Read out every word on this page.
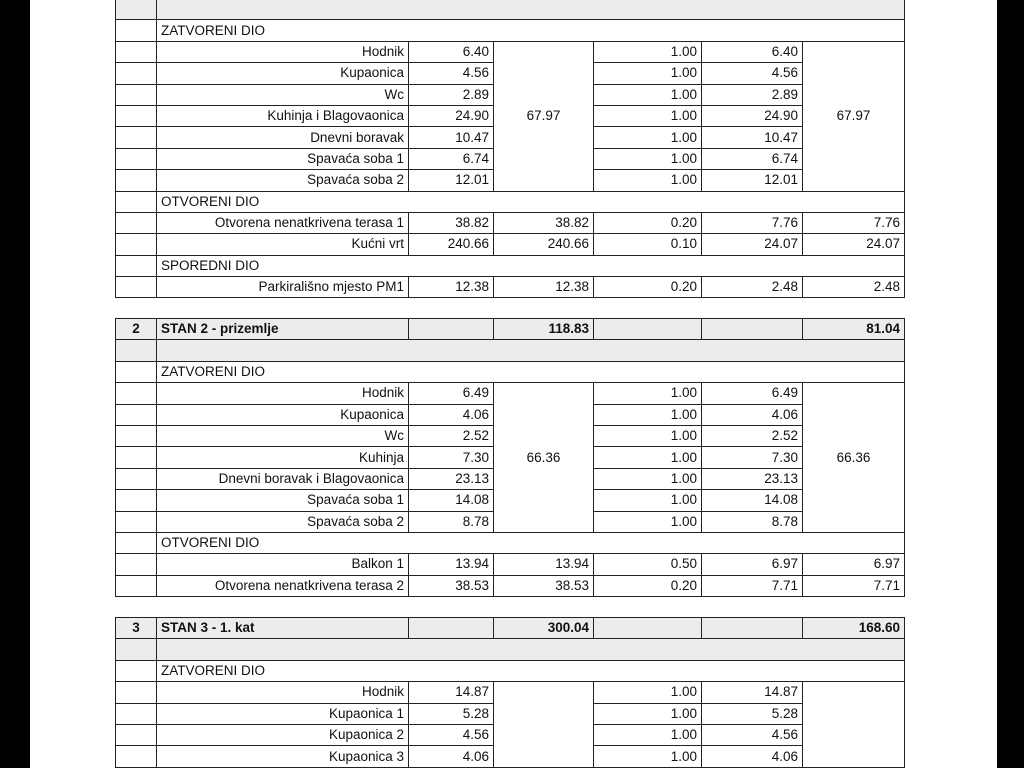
	ZATVORENI DIO					
	Hodnik	6.40	67.97	1.00	6.40	67.97
	Kupaonica	4.56		1.00	4.56	
	Wc	2.89		1.00	2.89	
	Kuhinja i Blagovaonica	24.90		1.00	24.90	
	Dnevni boravak	10.47		1.00	10.47	
	Spavaća soba 1	6.74		1.00	6.74	
	Spavaća soba 2	12.01		1.00	12.01	
	OTVORENI DIO					
	Otvorena nenatkrivena terasa 1	38.82	38.82	0.20	7.76	7.76
	Kućni vrt	240.66	240.66	0.10	24.07	24.07
	SPOREDNI DIO					
	Parkirališno mjesto PM1	12.38	12.38	0.20	2.48	2.48
2	STAN 2 - prizemlje		118.83			81.04

	ZATVORENI DIO					
	Hodnik	6.49	66.36	1.00	6.49	66.36
	Kupaonica	4.06		1.00	4.06	
	Wc	2.52		1.00	2.52	
	Kuhinja	7.30		1.00	7.30	
	Dnevni boravak i Blagovaonica	23.13		1.00	23.13	
	Spavaća soba 1	14.08		1.00	14.08	
	Spavaća soba 2	8.78		1.00	8.78	
	OTVORENI DIO					
	Balkon 1	13.94	13.94	0.50	6.97	6.97
	Otvorena nenatkrivena terasa 2	38.53	38.53	0.20	7.71	7.71
3	STAN 3 - 1. kat		300.04			168.60

	ZATVORENI DIO					
	Hodnik	14.87		1.00	14.87	
	Kupaonica 1	5.28		1.00	5.28	
	Kupaonica 2	4.56		1.00	4.56	
	Kupaonica 3	4.06		1.00	4.06	
